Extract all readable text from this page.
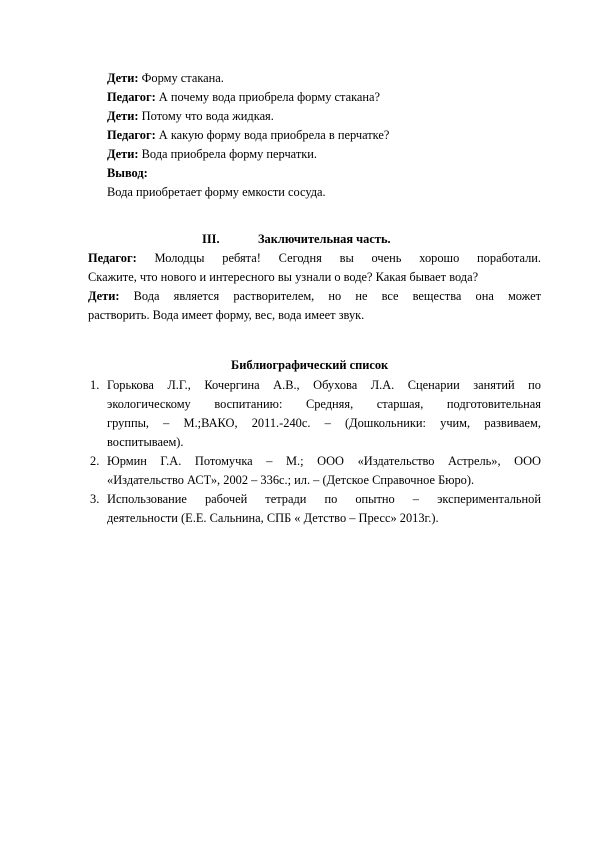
Дети: Форму стакана.
Педагог: А почему вода приобрела форму стакана?
Дети: Потому что вода жидкая.
Педагог: А какую форму вода приобрела в перчатке?
Дети: Вода приобрела форму перчатки.
Вывод:
Вода приобретает форму емкости сосуда.
III.	Заключительная часть.
Педагог: Молодцы ребята! Сегодня вы очень хорошо поработали.
Скажите, что нового и интересного вы узнали о воде? Какая бывает вода?
Дети: Вода является растворителем, но не все вещества она может
растворить. Вода имеет форму, вес, вода имеет звук.
Библиографический список
1. Горькова Л.Г., Кочергина А.В., Обухова Л.А. Сценарии занятий по
экологическому воспитанию: Средняя, старшая, подготовительная
группы, – М.;ВАКО, 2011.-240с. – (Дошкольники: учим, развиваем,
воспитываем).
2. Юрмин Г.А. Потомучка – М.; ООО «Издательство Астрель», ООО
«Издательство АСТ», 2002 – 336с.; ил. – (Детское Справочное Бюро).
3. Использование рабочей тетради по опытно – экспериментальной
деятельности (Е.Е. Сальнина, СПБ « Детство – Пресс» 2013г.).
